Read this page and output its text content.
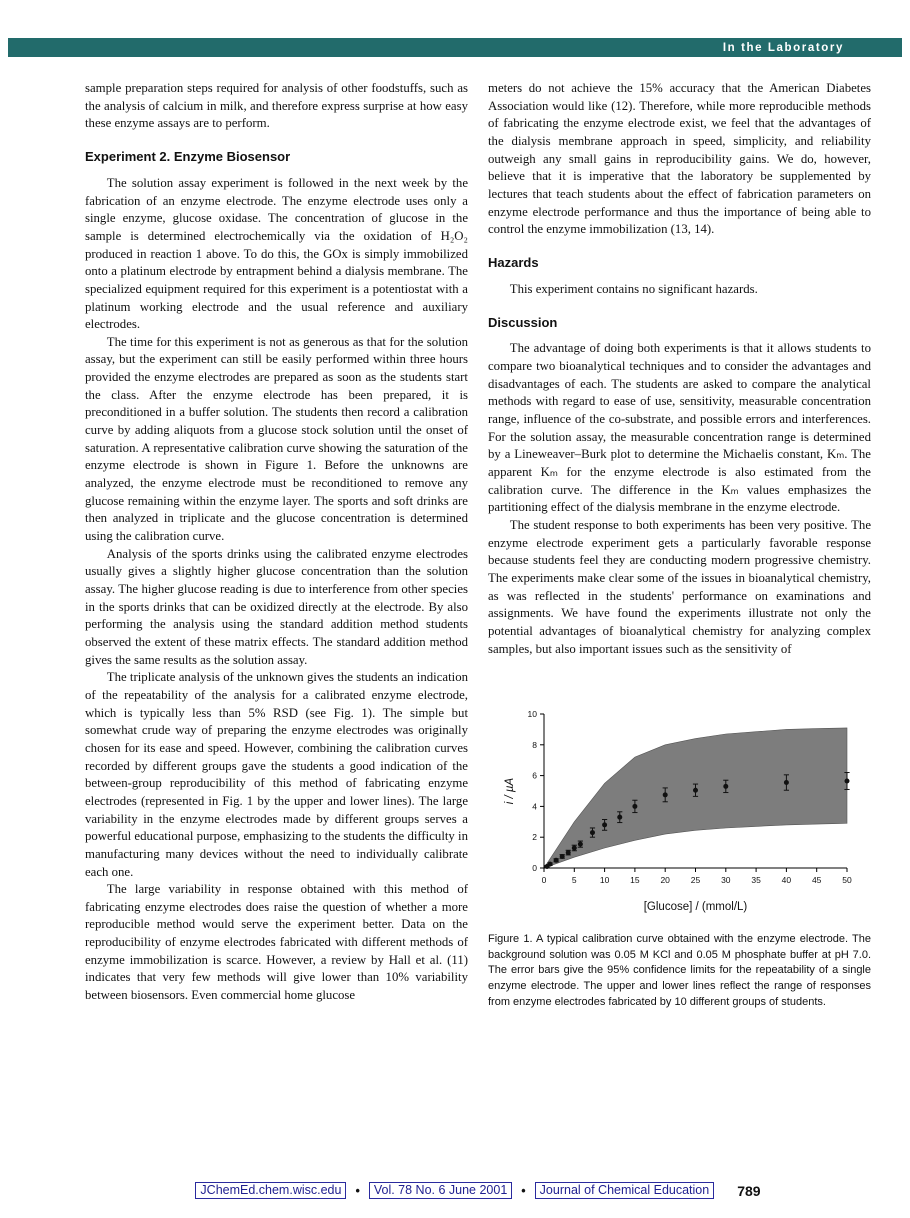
In the Laboratory

sample preparation steps required for analysis of other foodstuffs, such as the analysis of calcium in milk, and therefore express surprise at how easy these enzyme assays are to perform.

Experiment 2. Enzyme Biosensor

The solution assay experiment is followed in the next week by the fabrication of an enzyme electrode. The enzyme electrode uses only a single enzyme, glucose oxidase. The concentration of glucose in the sample is determined electrochemically via the oxidation of H₂O₂ produced in reaction 1 above. To do this, the GOx is simply immobilized onto a platinum electrode by entrapment behind a dialysis membrane. The specialized equipment required for this experiment is a potentiostat with a platinum working electrode and the usual reference and auxiliary electrodes.

The time for this experiment is not as generous as that for the solution assay, but the experiment can still be easily performed within three hours provided the enzyme electrodes are prepared as soon as the students start the class. After the enzyme electrode has been prepared, it is preconditioned in a buffer solution. The students then record a calibration curve by adding aliquots from a glucose stock solution until the onset of saturation. A representative calibration curve showing the saturation of the enzyme electrode is shown in Figure 1. Before the unknowns are analyzed, the enzyme electrode must be reconditioned to remove any glucose remaining within the enzyme layer. The sports and soft drinks are then analyzed in triplicate and the glucose concentration is determined using the calibration curve.

Analysis of the sports drinks using the calibrated enzyme electrodes usually gives a slightly higher glucose concentration than the solution assay. The higher glucose reading is due to interference from other species in the sports drinks that can be oxidized directly at the electrode. By also performing the analysis using the standard addition method students observed the extent of these matrix effects. The standard addition method gives the same results as the solution assay.

The triplicate analysis of the unknown gives the students an indication of the repeatability of the analysis for a calibrated enzyme electrode, which is typically less than 5% RSD (see Fig. 1). The simple but somewhat crude way of preparing the enzyme electrodes was originally chosen for its ease and speed. However, combining the calibration curves recorded by different groups gave the students a good indication of the between-group reproducibility of this method of fabricating enzyme electrodes (represented in Fig. 1 by the upper and lower lines). The large variability in the enzyme electrodes made by different groups serves a powerful educational purpose, emphasizing to the students the difficulty in manufacturing many devices without the need to individually calibrate each one.

The large variability in response obtained with this method of fabricating enzyme electrodes does raise the question of whether a more reproducible method would serve the experiment better. Data on the reproducibility of enzyme electrodes fabricated with different methods of enzyme immobilization is scarce. However, a review by Hall et al. (11) indicates that very few methods will give lower than 10% variability between biosensors. Even commercial home glucose

meters do not achieve the 15% accuracy that the American Diabetes Association would like (12). Therefore, while more reproducible methods of fabricating the enzyme electrode exist, we feel that the advantages of the dialysis membrane approach in speed, simplicity, and reliability outweigh any small gains in reproducibility gains. We do, however, believe that it is imperative that the laboratory be supplemented by lectures that teach students about the effect of fabrication parameters on enzyme electrode performance and thus the importance of being able to control the enzyme immobilization (13, 14).

Hazards

This experiment contains no significant hazards.

Discussion

The advantage of doing both experiments is that it allows students to compare two bioanalytical techniques and to consider the advantages and disadvantages of each. The students are asked to compare the analytical methods with regard to ease of use, sensitivity, measurable concentration range, influence of the co-substrate, and possible errors and interferences. For the solution assay, the measurable concentration range is determined by a Lineweaver–Burk plot to determine the Michaelis constant, Kₘ. The apparent Kₘ for the enzyme electrode is also estimated from the calibration curve. The difference in the Kₘ values emphasizes the partitioning effect of the dialysis membrane in the enzyme electrode.

The student response to both experiments has been very positive. The enzyme electrode experiment gets a particularly favorable response because students feel they are conducting modern progressive chemistry. The experiments make clear some of the issues in bioanalytical chemistry, as was reflected in the students' performance on examinations and assignments. We have found the experiments illustrate not only the potential advantages of bioanalytical chemistry for analyzing complex samples, but also important issues such as the sensitivity of

0	5	10 15 20 25 30 35 40 45 50
0
2
4
6
8
10
[Glucose] / (mmol/L)
i / µA
Figure 1. A typical calibration curve obtained with the enzyme electrode. The background solution was 0.05 M KCl and 0.05 M phosphate buffer at pH 7.0. The error bars give the 95% confidence limits for the repeatability of a single enzyme electrode. The upper and lower lines reflect the range of responses from enzyme electrodes fabricated by 10 different groups of students.
JChemEd.chem.wisc.edu	•	Vol. 78 No. 6 June 2001	•	Journal of Chemical Education	789
